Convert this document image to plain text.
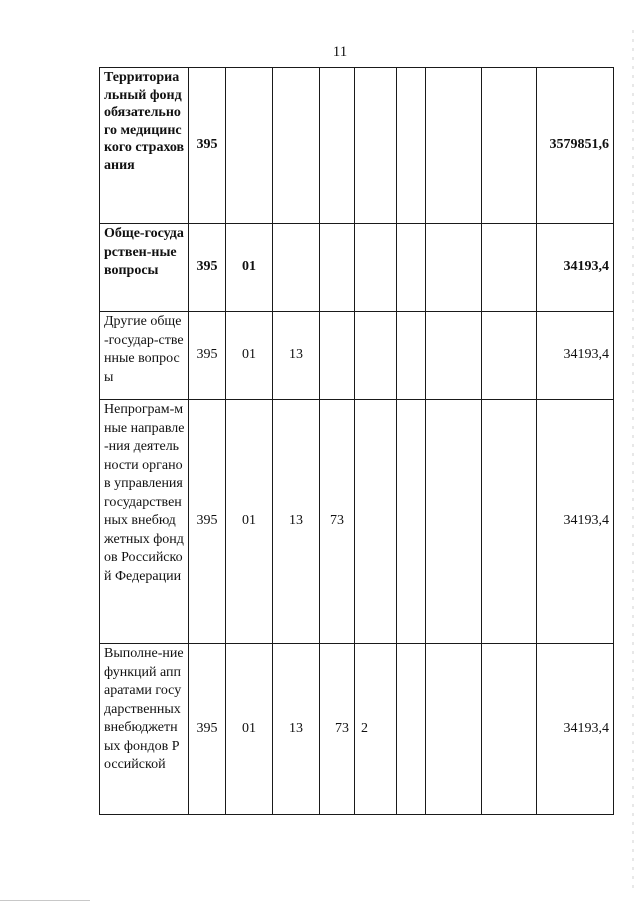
11
Территориальный фонд обязательного медицинского страхования	395								3579851,6
Обще-государствен-ные вопросы	395	01							34193,4
Другие обще-государ-ственные вопросы	395	01	13						34193,4
Непрограм-мные направле-ния деятельности органов управления государственных внебюджетных фондов Российской Федерации	395	01	13	73					34193,4
Выполне-ние функций аппаратами государственных внебюджетных фондов Российской	395	01	13	73	2				34193,4
